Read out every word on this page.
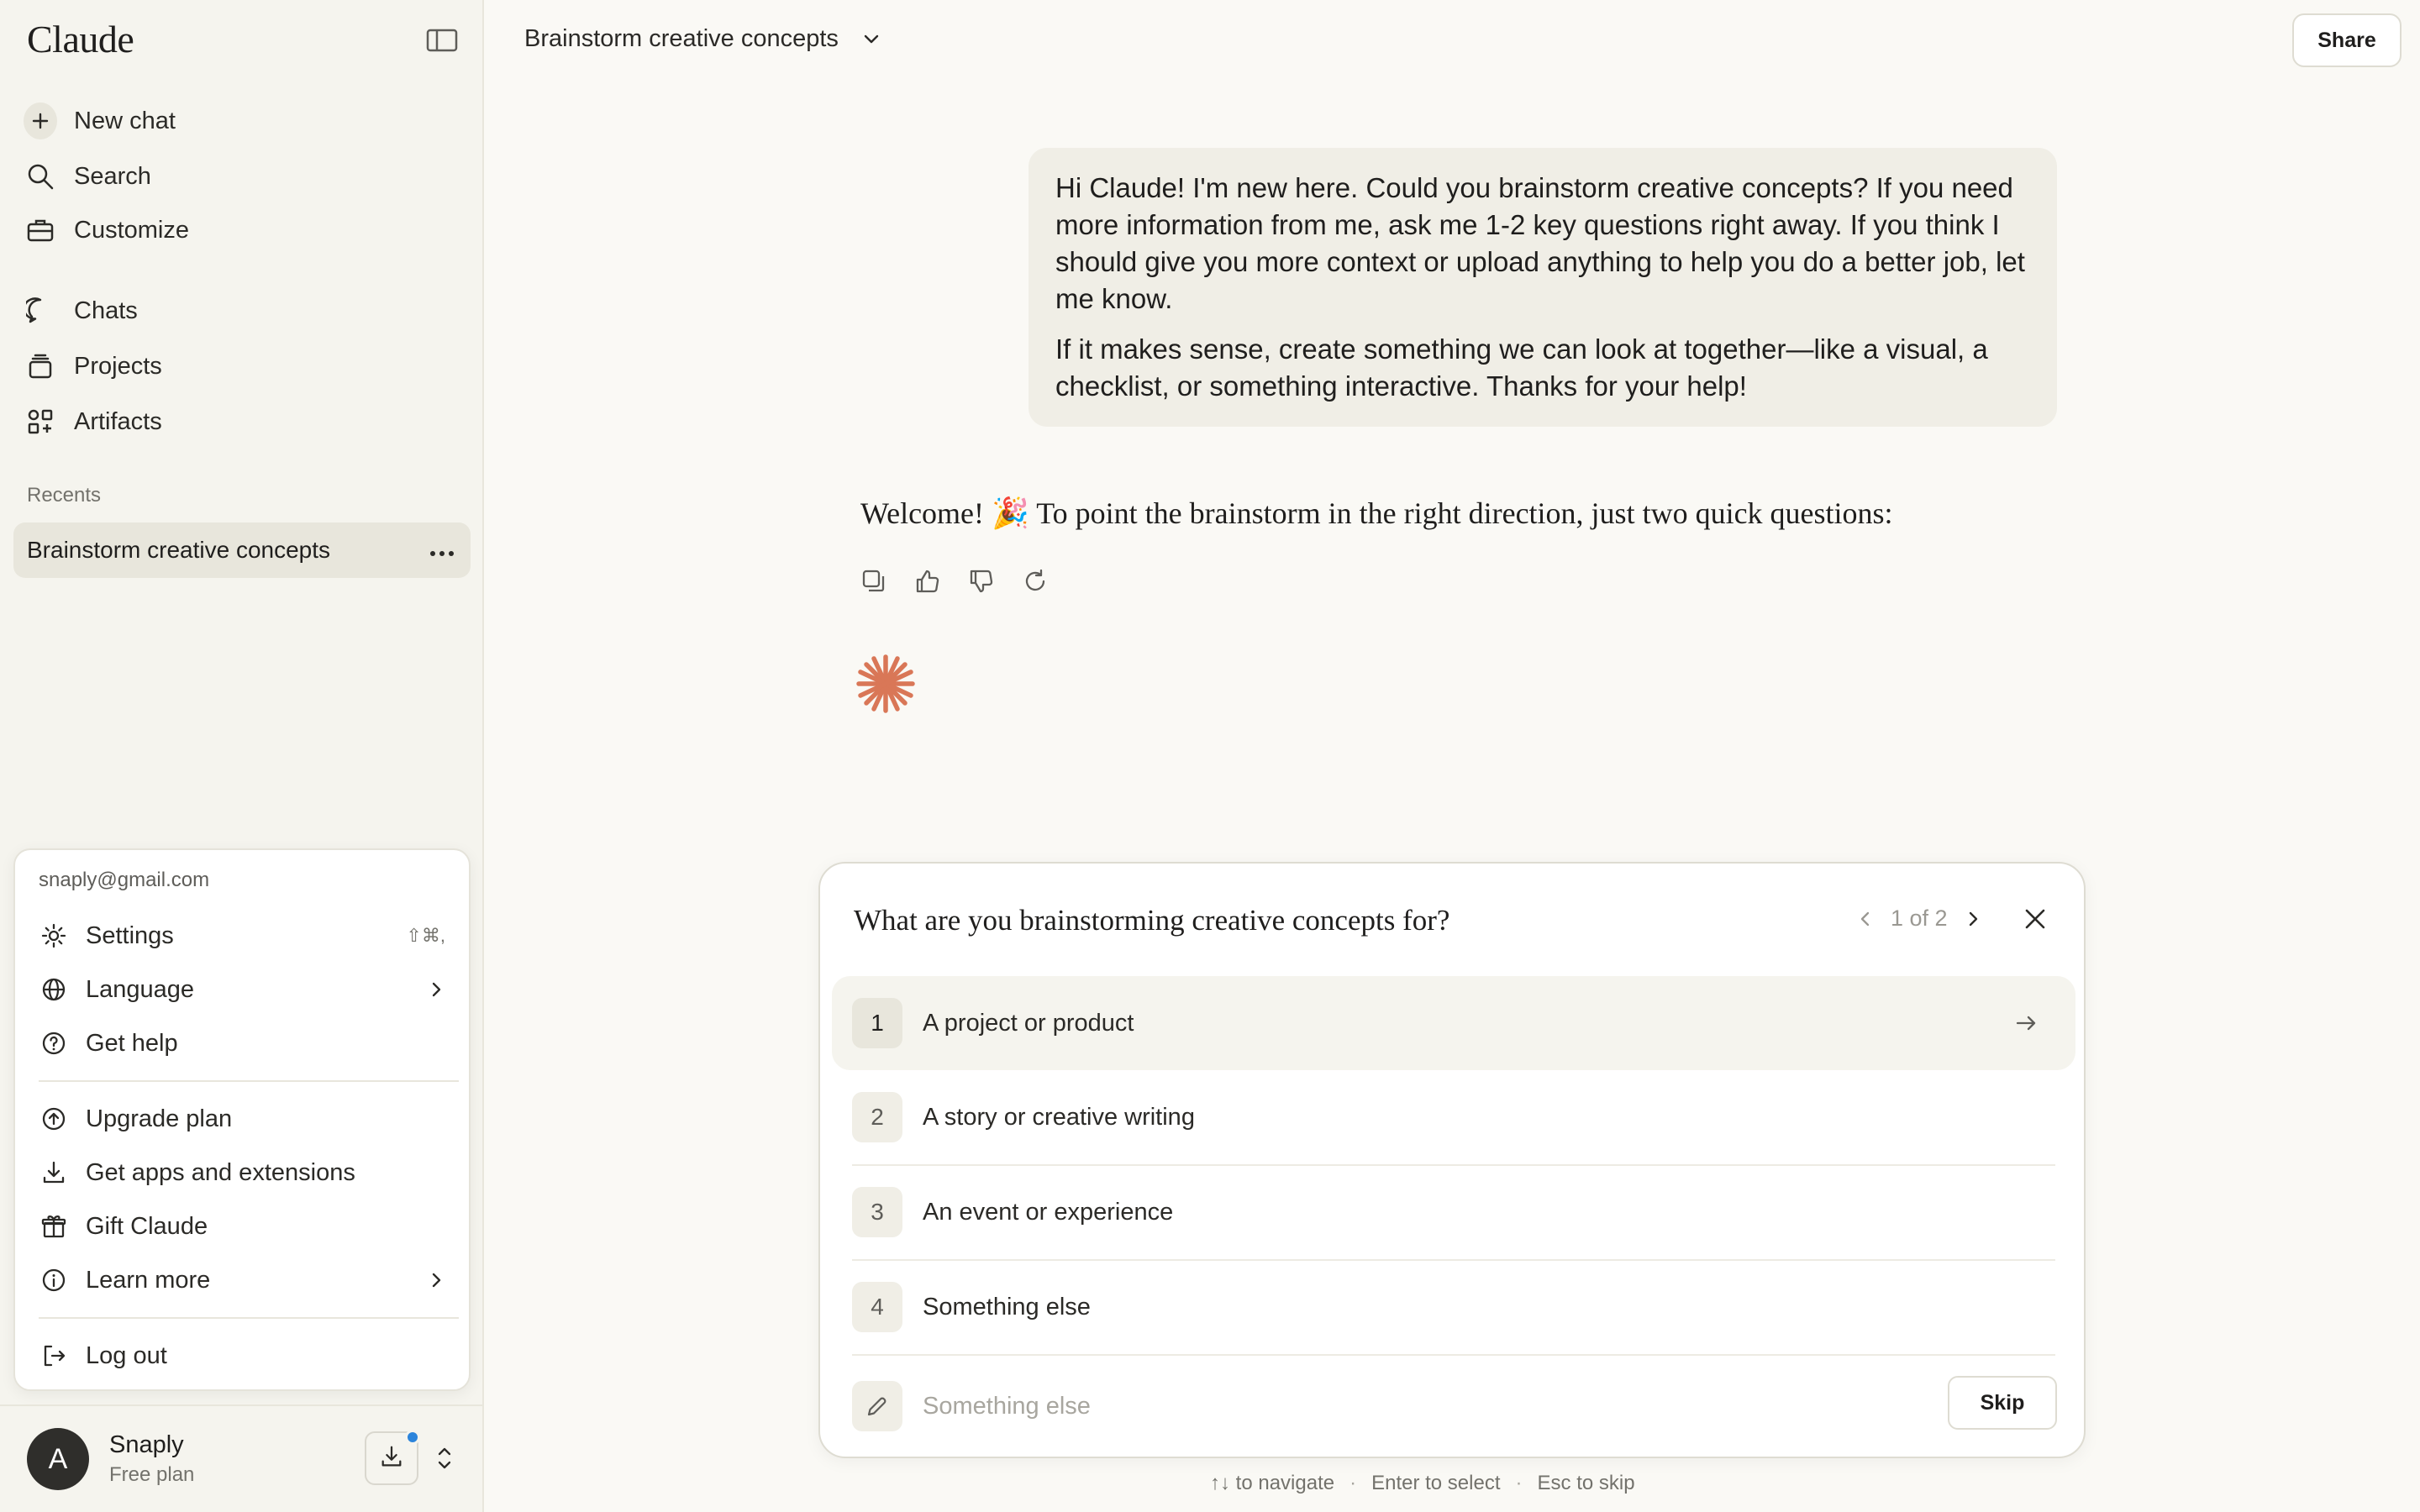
Claude
New chat
Search
Customize
Chats
Projects
Artifacts
Recents
Brainstorm creative concepts
snaply@gmail.com
Settings	⇧⌘,
Language
Get help
Upgrade plan
Get apps and extensions
Gift Claude
Learn more
Log out
A	Snaply
Free plan
Brainstorm creative concepts	Share

Hi Claude! I'm new here. Could you brainstorm creative concepts? If you need more information from me, ask me 1-2 key questions right away. If you think I should give you more context or upload anything to help you do a better job, let me know.

If it makes sense, create something we can look at together—like a visual, a checklist, or something interactive. Thanks for your help!

Welcome! 🎉 To point the brainstorm in the right direction, just two quick questions:
What are you brainstorming creative concepts for?	1 of 2
1	A project or product
2	A story or creative writing
3	An event or experience
4	Something else
Something else
Skip
↑↓ to navigate · Enter to select · Esc to skip
